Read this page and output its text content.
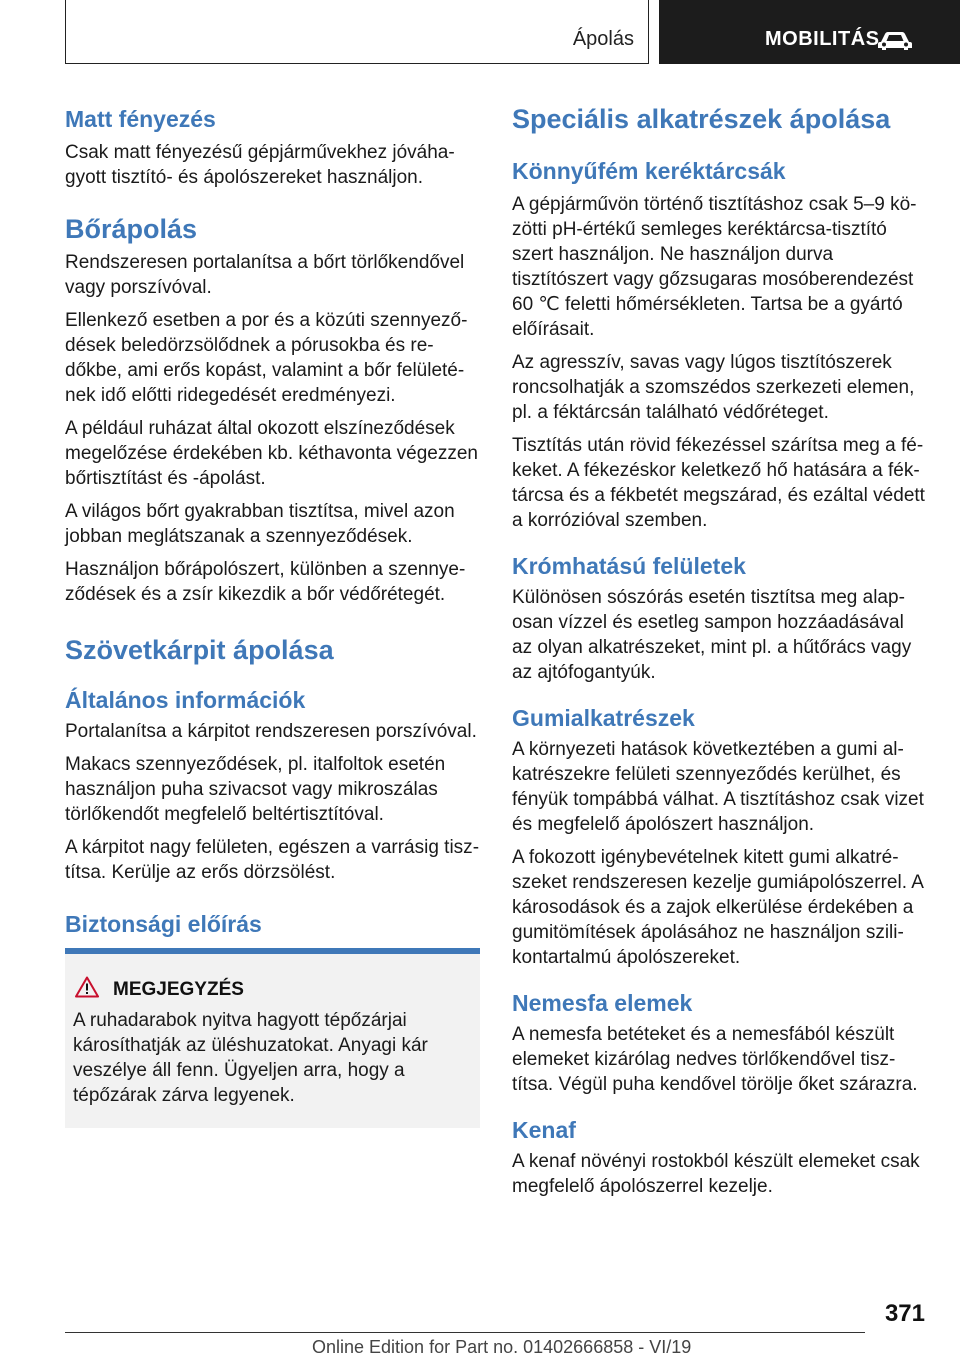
Ápolás	MOBILITÁS
Matt fényezés

Csak matt fényezésű gépjárművekhez jóváhagyott tisztító- és ápolószereket használjon.

Bőrápolás

Rendszeresen portalanítsa a bőrt törlőkendővel vagy porszívóval.

Ellenkező esetben a por és a közúti szennyeződések beledörzsölődnek a pórusokba és redőkbe, ami erős kopást, valamint a bőr felületének idő előtti ridegedését eredményezi.

A például ruházat által okozott elszíneződések megelőzése érdekében kb. kéthavonta végezzen bőrtisztítást és -ápolást.

A világos bőrt gyakrabban tisztítsa, mivel azon jobban meglátszanak a szennyeződések.

Használjon bőrápolószert, különben a szennyeződések és a zsír kikezdik a bőr védőrétegét.

Szövetkárpit ápolása
Általános információk

Portalanítsa a kárpitot rendszeresen porszívóval.

Makacs szennyeződések, pl. italfoltok esetén használjon puha szivacsot vagy mikroszálas törlőkendőt megfelelő beltértisztítóval.

A kárpitot nagy felületen, egészen a varrásig tisztítsa. Kerülje az erős dörzsölést.

Biztonsági előírás
MEGJEGYZÉS

A ruhadarabok nyitva hagyott tépőzárjai károsíthatják az üléshuzatokat. Anyagi kár veszélye áll fenn. Ügyeljen arra, hogy a tépőzárak zárva legyenek.

Speciális alkatrészek ápolása
Könnyűfém keréktárcsák

A gépjárművön történő tisztításhoz csak 5–9 közötti pH-értékű semleges keréktárcsa-tisztító szert használjon. Ne használjon durva tisztítószert vagy gőzsugaras mosóberendezést 60 ℃ feletti hőmérsékleten. Tartsa be a gyártó előírásait.

Az agresszív, savas vagy lúgos tisztítószerek roncsolhatják a szomszédos szerkezeti elemen, pl. a féktárcsán található védőréteget.

Tisztítás után rövid fékezéssel szárítsa meg a fékeket. A fékezéskor keletkező hő hatására a féktárcsa és a fékbetét megszárad, és ezáltal védett a korrózióval szemben.

Krómhatású felületek

Különösen sószórás esetén tisztítsa meg alaposan vízzel és esetleg sampon hozzáadásával az olyan alkatrészeket, mint pl. a hűtőrács vagy az ajtófogantyúk.

Gumialkatrészek

A környezeti hatások következtében a gumi alkatrészekre felületi szennyeződés kerülhet, és fényük tompábbá válhat. A tisztításhoz csak vizet és megfelelő ápolószert használjon.

A fokozott igénybevételnek kitett gumi alkatrészeket rendszeresen kezelje gumiápolószerrel. A károsodások és a zajok elkerülése érdekében a gumitömítések ápolásához ne használjon szilikontartalmú ápolószereket.

Nemesfa elemek

A nemesfa betéteket és a nemesfából készült elemeket kizárólag nedves törlőkendővel tisztítsa. Végül puha kendővel törölje őket szárazra.

Kenaf

A kenaf növényi rostokból készült elemeket csak megfelelő ápolószerrel kezelje.

371
Online Edition for Part no. 01402666858 - VI/19
